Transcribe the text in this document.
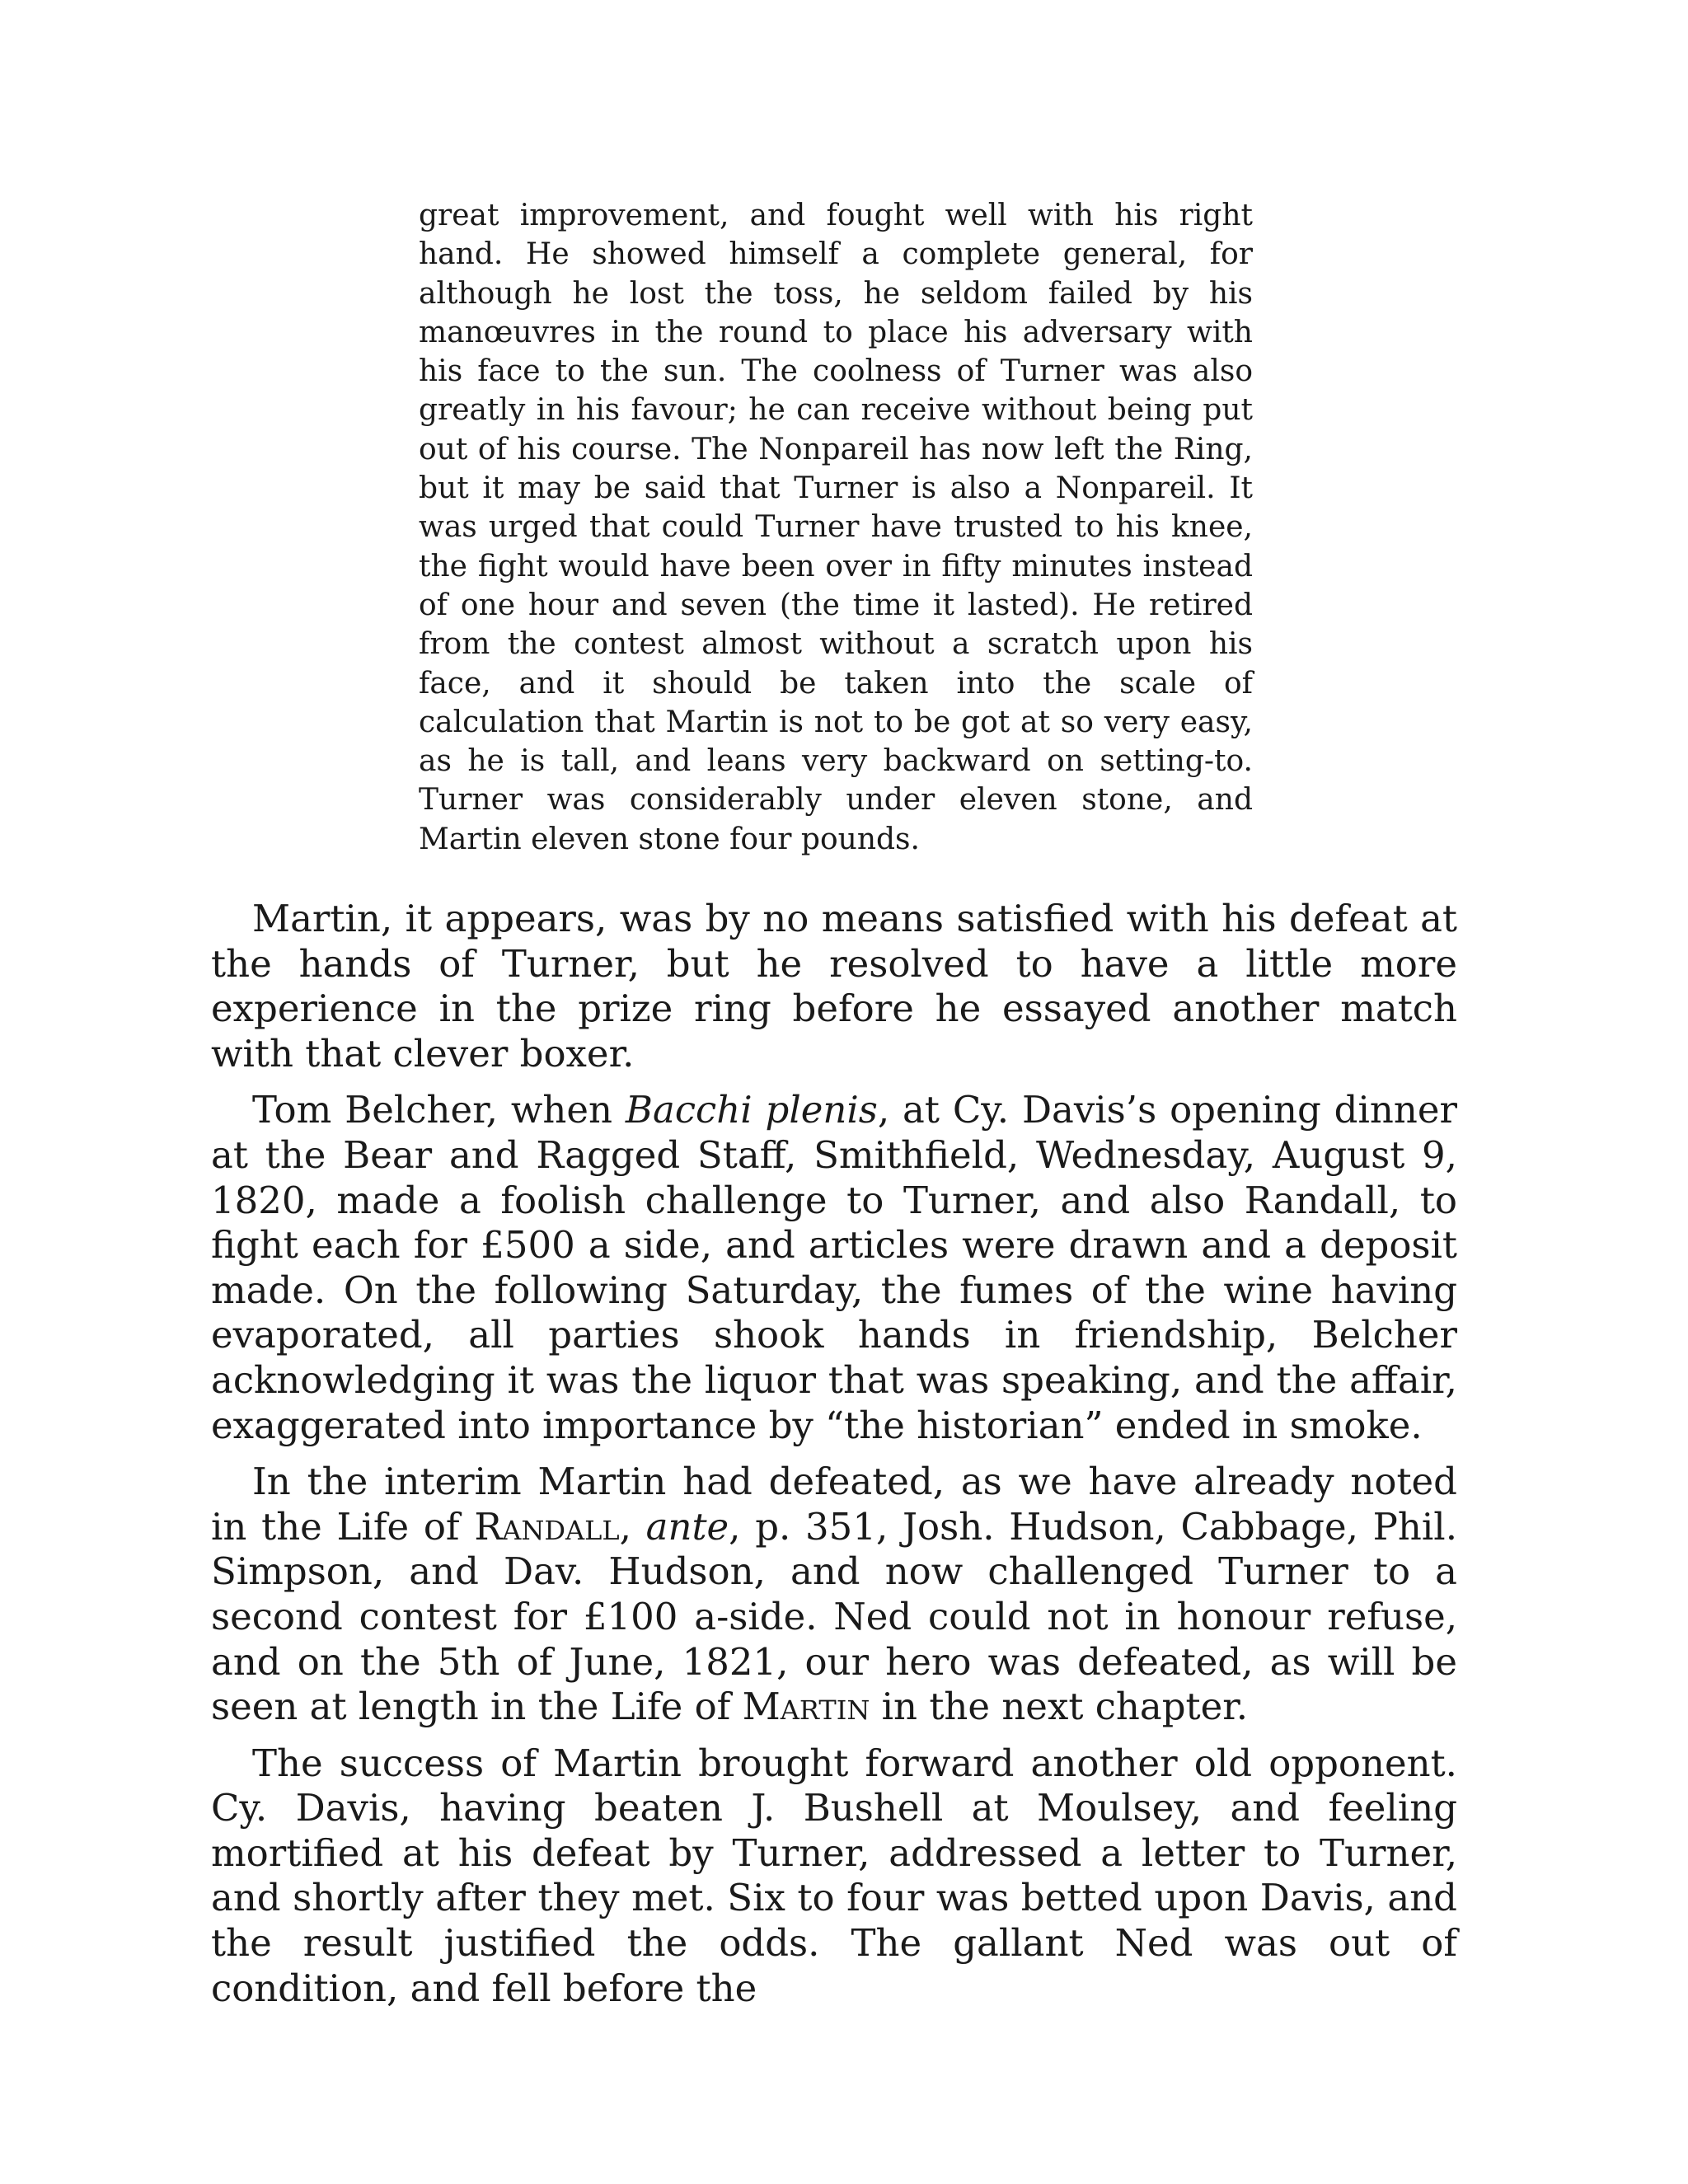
great improvement, and fought well with his right hand. He showed himself a complete general, for although he lost the toss, he seldom failed by his manœuvres in the round to place his adversary with his face to the sun. The coolness of Turner was also greatly in his favour; he can receive without being put out of his course. The Nonpareil has now left the Ring, but it may be said that Turner is also a Nonpareil. It was urged that could Turner have trusted to his knee, the fight would have been over in fifty minutes instead of one hour and seven (the time it lasted). He retired from the contest almost without a scratch upon his face, and it should be taken into the scale of calculation that Martin is not to be got at so very easy, as he is tall, and leans very backward on setting-to. Turner was considerably under eleven stone, and Martin eleven stone four pounds.

Martin, it appears, was by no means satisfied with his defeat at the hands of Turner, but he resolved to have a little more experience in the prize ring before he essayed another match with that clever boxer.

Tom Belcher, when Bacchi plenis, at Cy. Davis’s opening dinner at the Bear and Ragged Staff, Smithfield, Wednesday, August 9, 1820, made a foolish challenge to Turner, and also Randall, to fight each for £500 a side, and articles were drawn and a deposit made. On the following Saturday, the fumes of the wine having evaporated, all parties shook hands in friendship, Belcher acknowledging it was the liquor that was speaking, and the affair, exaggerated into importance by “the historian” ended in smoke.

In the interim Martin had defeated, as we have already noted in the Life of Randall, ante, p. 351, Josh. Hudson, Cabbage, Phil. Simpson, and Dav. Hudson, and now challenged Turner to a second contest for £100 a-side. Ned could not in honour refuse, and on the 5th of June, 1821, our hero was defeated, as will be seen at length in the Life of Martin in the next chapter.

The success of Martin brought forward another old opponent. Cy. Davis, having beaten J. Bushell at Moulsey, and feeling mortified at his defeat by Turner, addressed a letter to Turner, and shortly after they met. Six to four was betted upon Davis, and the result justified the odds. The gallant Ned was out of condition, and fell before the
